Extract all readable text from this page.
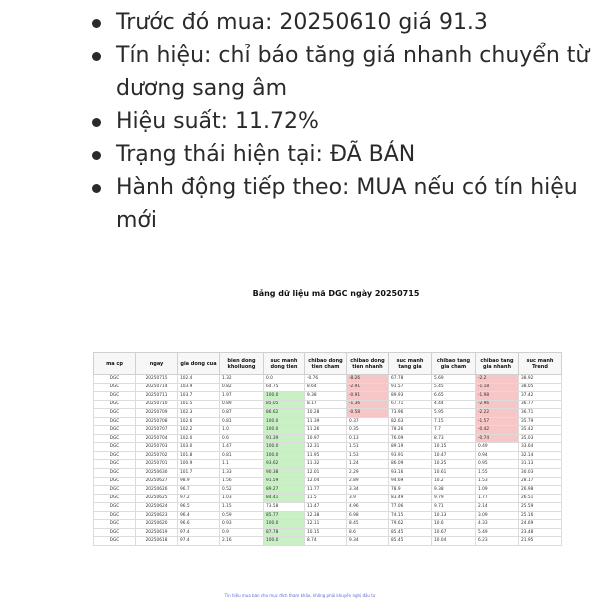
Trước đó mua: 20250610 giá 91.3
Tín hiệu: chỉ báo tăng giá nhanh chuyển từ dương sang âm
Hiệu suất: 11.72%
Trạng thái hiện tại: ĐÃ BÁN
Hành động tiếp theo: MUA nếu có tín hiệu mới
Bảng dữ liệu mã DGC ngày 20250715
ma cp	ngay	gia dong cua	bien dong khoiluong	suc manh dong tien	chibao dong tien cham	chibao dong tien nhanh	suc manh tang gia	chibao tang gia cham	chibao tang gia nhanh	suc manh Trend
DGC	20250715	102.4	1.32	0.0	-0.76	-8.26	67.78	5.69	-2.2	38.92
DGC	20250714	103.9	0.82	64.75	8.64	-2.91	91.57	5.45	-1.18	38.05
DGC	20250711	103.7	1.97	100.0	9.38	-0.91	89.93	6.65	-1.98	37.42
DGC	20250710	101.5	0.89	85.05	8.17	-1.36	67.71	4.44	-2.96	36.77
DGC	20250709	102.3	0.87	86.62	10.28	-0.58	73.96	5.95	-2.22	36.71
DGC	20250708	102.6	0.81	100.0	11.39	0.37	82.63	7.15	-1.57	35.79
DGC	20250707	102.2	1.0	100.0	11.26	0.35	78.26	7.7	-0.42	35.42
DGC	20250704	102.0	0.6	91.39	10.97	0.13	76.09	8.73	-0.74	35.03
DGC	20250703	103.0	1.47	100.0	12.31	1.51	89.19	10.15	0.49	33.64
DGC	20250702	101.8	0.81	100.0	11.95	1.53	93.91	10.47	0.94	32.14
DGC	20250701	100.9	1.1	93.62	11.32	1.24	86.09	10.25	0.95	31.13
DGC	20250630	101.7	1.33	90.38	12.01	2.29	93.16	10.61	1.55	30.03
DGC	20250627	98.9	1.56	91.59	12.04	2.89	94.69	10.2	1.53	28.17
DGC	20250626	96.7	0.52	89.27	11.77	3.34	78.9	9.38	1.09	26.98
DGC	20250625	97.2	1.03	84.41	11.5	3.9	83.49	9.79	1.77	26.51
DGC	20250624	96.5	1.15	73.58	11.47	4.96	77.06	9.71	2.14	25.59
DGC	20250623	96.4	0.59	85.77	12.38	6.98	74.15	10.13	3.09	25.16
DGC	20250620	96.6	0.93	100.0	12.11	8.45	79.62	10.6	4.33	24.69
DGC	20250619	97.4	0.9	87.78	10.15	8.6	85.45	10.67	5.49	23.48
DGC	20250618	97.4	2.16	100.0	8.74	9.34	85.45	10.04	6.23	21.95
Tín hiệu mua bán cho mục đích tham khảo, không phải khuyến nghị đầu tư
